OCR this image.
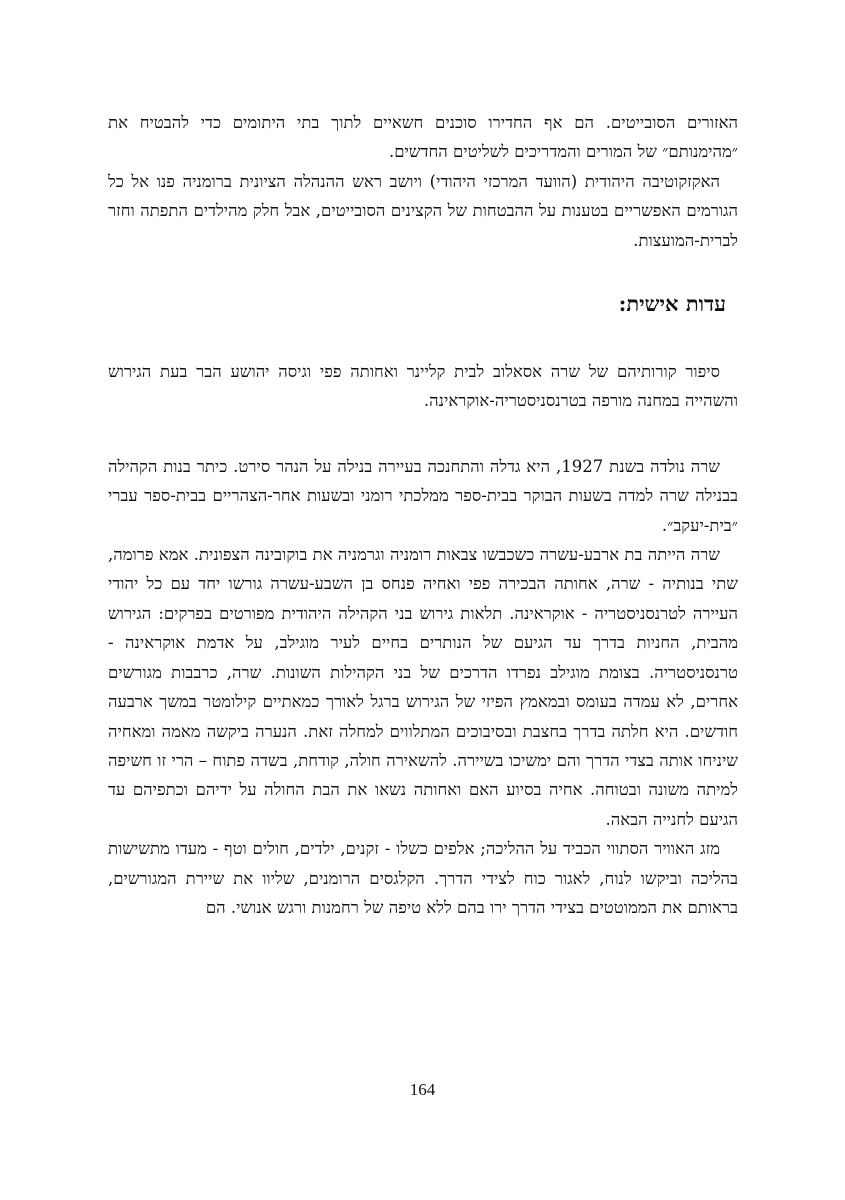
האזורים הסובייטים. הם אף החדירו סוכנים חשאיים לתוך בתי היתומים כדי להבטיח את ״מהימנותם״ של המורים והמדריכים לשליטים החדשים.

האקזקוטיבה היהודית (הוועד המרכזי היהודי) ויושב ראש ההנהלה הציונית ברומניה פנו אל כל הגורמים האפשריים בטענות על ההבטחות של הקצינים הסובייטים, אבל חלק מהילדים התפתה וחזר לברית-המועצות.

עדות אישית:

סיפור קורותיהם של שרה אסאלוב לבית קליינר ואחותה פפי וגיסה יהושע הבר בעת הגירוש והשהייה במחנה מורפה בטרנסניסטריה-אוקראינה.

שרה נולדה בשנת 1927, היא גדלה והתחנכה בעיירה בנילה על הנהר סירט. כיתר בנות הקהילה בבנילה שרה למדה בשעות הבוקר בבית-ספר ממלכתי רומני ובשעות אחר-הצהריים בבית-ספר עברי ״בית-יעקב״.

שרה הייתה בת ארבע-עשרה כשכבשו צבאות רומניה וגרמניה את בוקובינה הצפונית. אמא פרומה, שתי בנותיה - שרה, אחותה הבכירה פפי ואחיה פנחס בן השבע-עשרה גורשו יחד עם כל יהודי העיירה לטרנסניסטריה - אוקראינה. תלאות גירוש בני הקהילה היהודית מפורטים בפרקים: הגירוש מהבית, החניות בדרך עד הגיעם של הנותרים בחיים לעיר מוגילב, על אדמת אוקראינה - טרנסניסטריה. בצומת מוגילב נפרדו הדרכים של בני הקהילות השונות. שרה, כרבבות מגורשים אחרים, לא עמדה בעומס ובמאמץ הפיזי של הגירוש ברגל לאורך כמאתיים קילומטר במשך ארבעה חודשים. היא חלתה בדרך בחצבת ובסיבוכים המתלווים למחלה זאת. הנערה ביקשה מאמה ומאחיה שיניחו אותה בצדי הדרך והם ימשיכו בשיירה. להשאירה חולה, קודחת, בשדה פתוח – הרי זו חשיפה למיתה משונה ובטוחה. אחיה בסיוע האם ואחותה נשאו את הבת החולה על ידיהם וכתפיהם עד הגיעם לחנייה הבאה.

מזג האוויר הסתווי הכביד על ההליכה; אלפים כשלו - זקנים, ילדים, חולים וטף - מעדו מתשישות בהליכה וביקשו לנוח, לאגור כוח לצידי הדרך. הקלגסים הרומנים, שליוו את שיירת המגורשים, בראותם את הממוטטים בצידי הדרך ירו בהם ללא טיפה של רחמנות ורגש אנושי. הם

164
